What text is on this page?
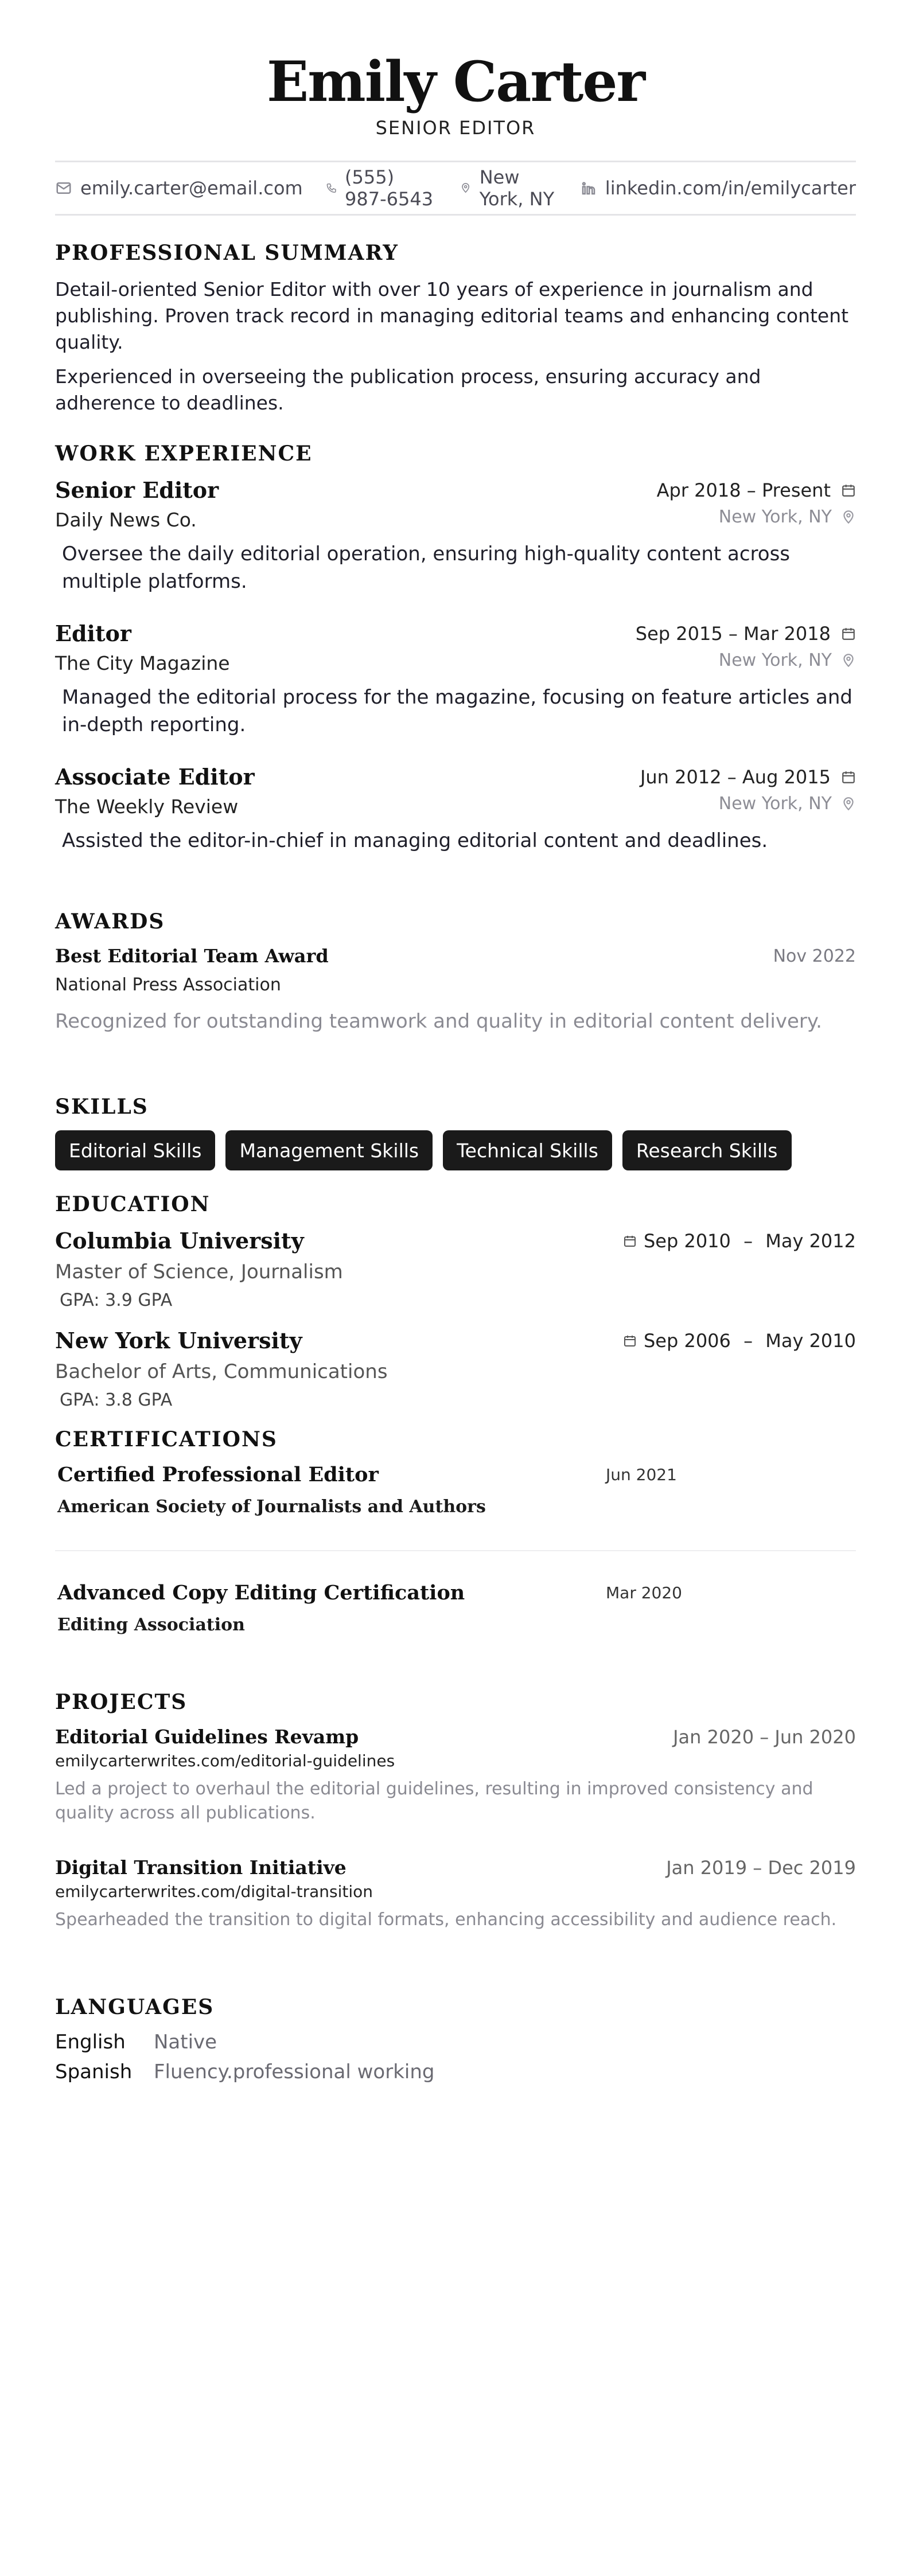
Emily Carter
SENIOR EDITOR
emily.carter@email.com (555) 987-6543
New York, NY	linkedin.com/in/emilycarter
PROFESSIONAL SUMMARY

Detail-oriented Senior Editor with over 10 years of experience in journalism and publishing. Proven track record in managing editorial teams and enhancing content quality.

Experienced in overseeing the publication process, ensuring accuracy and adherence to deadlines.

WORK EXPERIENCE
Senior Editor	Apr 2018 – Present
Daily News Co.	New York, NY
Oversee the daily editorial operation, ensuring high-quality content across multiple platforms.
Editor	Sep 2015 – Mar 2018
The City Magazine	New York, NY
Managed the editorial process for the magazine, focusing on feature articles and in-depth reporting.
Associate Editor	Jun 2012 – Aug 2015
The Weekly Review	New York, NY
Assisted the editor-in-chief in managing editorial content and deadlines.
AWARDS
Best Editorial Team Award	Nov 2022
National Press Association
Recognized for outstanding teamwork and quality in editorial content delivery.
SKILLS
Editorial Skills	Management Skills	Technical Skills	Research Skills
EDUCATION
Columbia University	Sep 2010 – May 2012
Master of Science, Journalism
GPA: 3.9 GPA
New York University	Sep 2006 – May 2010
Bachelor of Arts, Communications
GPA: 3.8 GPA
CERTIFICATIONS
Certified Professional Editor	Jun 2021
American Society of Journalists and Authors
Advanced Copy Editing Certification	Mar 2020
Editing Association
PROJECTS
Editorial Guidelines Revamp	Jan 2020 – Jun 2020
emilycarterwrites.com/editorial-guidelines
Led a project to overhaul the editorial guidelines, resulting in improved consistency and quality across all publications.
Digital Transition Initiative	Jan 2019 – Dec 2019
emilycarterwrites.com/digital-transition
Spearheaded the transition to digital formats, enhancing accessibility and audience reach.
LANGUAGES
English	Native
Spanish	Fluency.professional working
